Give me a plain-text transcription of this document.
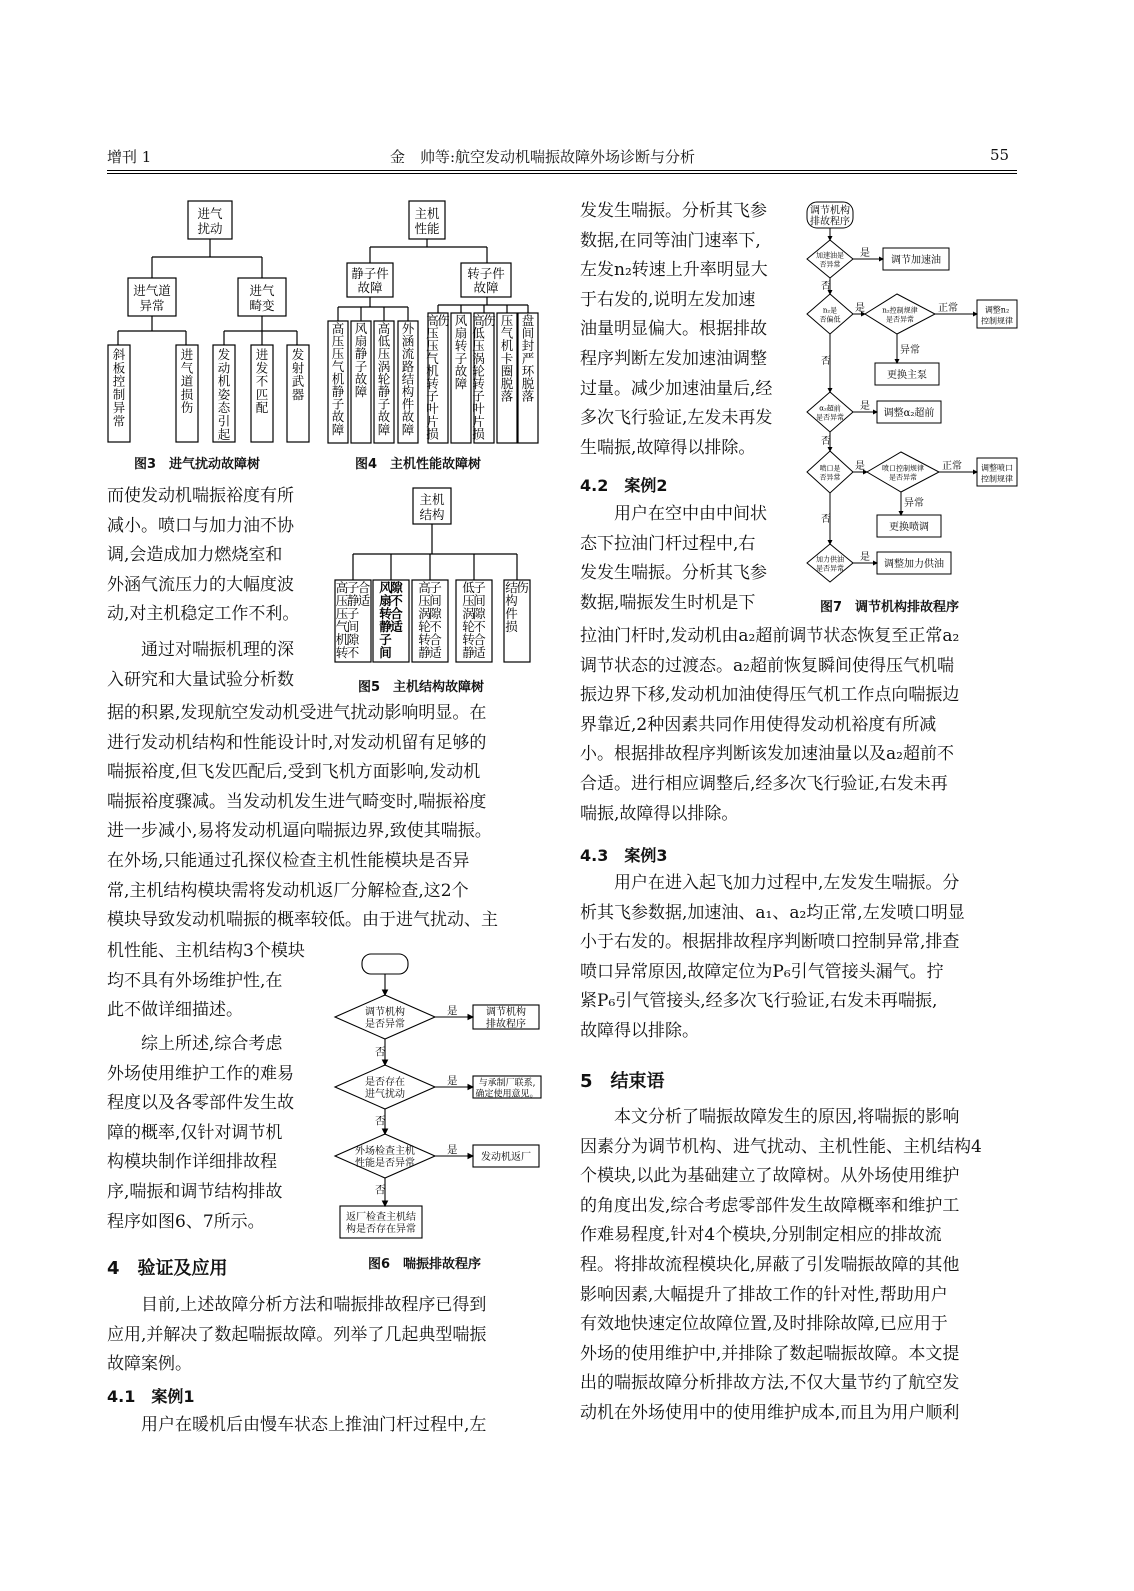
增刊 1	金　帅等:航空发动机喘振故障外场诊断与分析	55
进气扰动
进气道异常
进气畸变
斜板控制异常
进气道损伤
发动机姿态引起
进发不匹配
发射武器
图3　进气扰动故障树
主机性能
静子件故障
转子件故障
高压压气机静子故障
风扇静子故障
高低压涡轮静子故障
外涵流路结构件故障
高压压气机转子叶片损伤 风扇转子故障
高低压涡轮转子叶片损伤 压气机卡圈脱落
盘间封严环脱落
图4　主机性能故障树
主机结构
高压压气机转子静子间隙不合适
风扇转静子间隙不合适
高压涡轮转静子间隙不合适
低压涡轮转静子间隙不合适
结构件损伤
图5　主机结构故障树
而使发动机喘振裕度有所
减小。喷口与加力油不协
调,会造成加力燃烧室和
外涵气流压力的大幅度波
动,对主机稳定工作不利。
通过对喘振机理的深
入研究和大量试验分析数
据的积累,发现航空发动机受进气扰动影响明显。在
进行发动机结构和性能设计时,对发动机留有足够的
喘振裕度,但飞发匹配后,受到飞机方面影响,发动机
喘振裕度骤减。当发动机发生进气畸变时,喘振裕度
进一步减小,易将发动机逼向喘振边界,致使其喘振。
在外场,只能通过孔探仪检查主机性能模块是否异
常,主机结构模块需将发动机返厂分解检查,这2个
模块导致发动机喘振的概率较低。由于进气扰动、主
机性能、主机结构3个模块
均不具有外场维护性,在
此不做详细描述。
综上所述,综合考虑
外场使用维护工作的难易
程度以及各零部件发生故
障的概率,仅针对调节机
构模块制作详细排故程
序,喘振和调节结构排故
程序如图6、7所示。
调节机构是否异常
调节机构排故程序
是否存在进气扰动
与承制厂联系,确定使用意见。
外场检查主机性能是否异常
发动机返厂
返厂检查主机结构是否存在异常
是
是
是
否
否
否
图6　喘振排故程序
4　验证及应用
目前,上述故障分析方法和喘振排故程序已得到
应用,并解决了数起喘振故障。列举了几起典型喘振
故障案例。
4.1　案例1
用户在暖机后由慢车状态上推油门杆过程中,左
发发生喘振。分析其飞参
数据,在同等油门速率下,
左发n₂转速上升率明显大
于右发的,说明左发加速
油量明显偏大。根据排故
程序判断左发加速油调整
过量。减少加速油量后,经
多次飞行验证,左发未再发
生喘振,故障得以排除。
4.2　案例2
用户在空中由中间状
态下拉油门杆过程中,右
发发生喘振。分析其飞参
数据,喘振发生时机是下
调节机构排故程序
加速油是否异常	调节加速油
n₂是否偏低
n₂控制规律是否异常
调整n₂ 控制规律
更换主泵
α₂超前是否异常	调整α₂超前
喷口是否异常
喷口控制规律是否异常
调整喷口控制规律
更换喷调
加力供油是否异常	调整加力供油
是
是
是
是
是
正常
正常
异常
异常
否
否
否
否
图7　调节机构排故程序
拉油门杆时,发动机由a₂超前调节状态恢复至正常a₂
调节状态的过渡态。a₂超前恢复瞬间使得压气机喘
振边界下移,发动机加油使得压气机工作点向喘振边
界靠近,2种因素共同作用使得发动机裕度有所减
小。根据排故程序判断该发加速油量以及a₂超前不
合适。进行相应调整后,经多次飞行验证,右发未再
喘振,故障得以排除。
4.3　案例3
用户在进入起飞加力过程中,左发发生喘振。分
析其飞参数据,加速油、a₁、a₂均正常,左发喷口明显
小于右发的。根据排故程序判断喷口控制异常,排查
喷口异常原因,故障定位为P₆引气管接头漏气。拧
紧P₆引气管接头,经多次飞行验证,右发未再喘振,
故障得以排除。
5　结束语
本文分析了喘振故障发生的原因,将喘振的影响
因素分为调节机构、进气扰动、主机性能、主机结构4
个模块,以此为基础建立了故障树。从外场使用维护
的角度出发,综合考虑零部件发生故障概率和维护工
作难易程度,针对4个模块,分别制定相应的排故流
程。将排故流程模块化,屏蔽了引发喘振故障的其他
影响因素,大幅提升了排故工作的针对性,帮助用户
有效地快速定位故障位置,及时排除故障,已应用于
外场的使用维护中,并排除了数起喘振故障。本文提
出的喘振故障分析排故方法,不仅大量节约了航空发
动机在外场使用中的使用维护成本,而且为用户顺利
